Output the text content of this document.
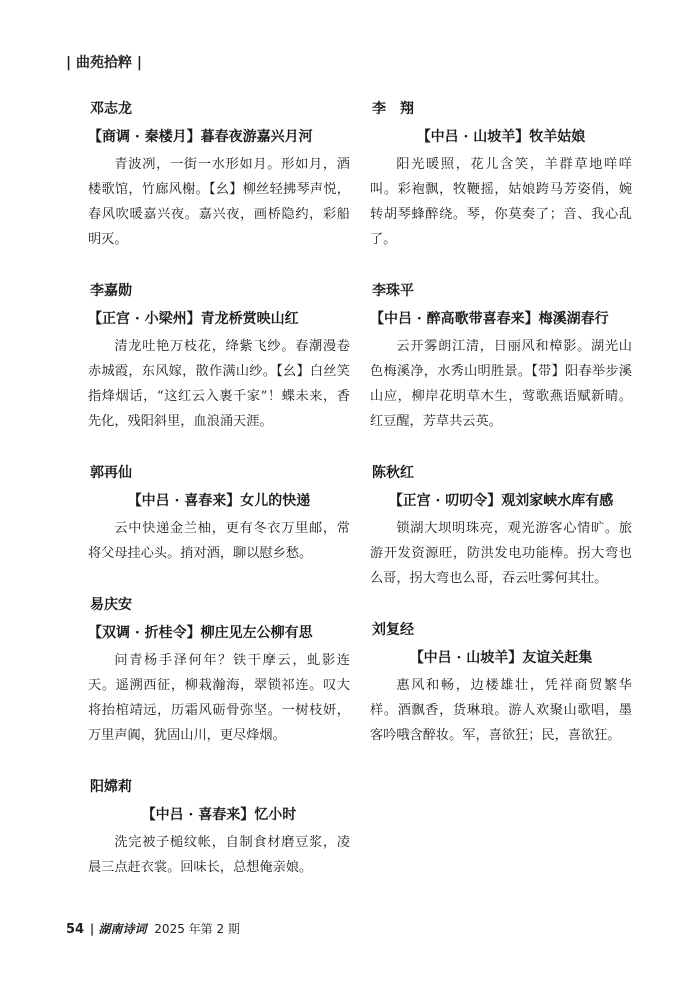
| 曲苑拾粹 |
邓志龙
【商调 · 秦楼月】暮春夜游嘉兴月河
青波冽，一街一水形如月。形如月，酒楼歌馆，竹廊风榭。【幺】柳丝轻拂琴声悦，春风吹暖嘉兴夜。嘉兴夜，画桥隐约，彩船明灭。
李嘉勋
【正宫 · 小梁州】青龙桥赏映山红
清龙吐艳万枝花，绛紫飞纱。春潮漫卷赤城霞，东风嫁，散作满山纱。【幺】白丝笑指烽烟话，“这红云入裹千家”！蝶未来，香先化，残阳斜里，血浪涌天涯。
郭再仙
【中吕 · 喜春来】女儿的快递
云中快递金兰柚，更有冬衣万里邮，常将父母挂心头。捎对酒，聊以慰乡愁。
易庆安
【双调 · 折桂令】柳庄见左公柳有思
问青杨手泽何年？铁干摩云，虬影连天。遥溯西征，柳栽瀚海，翠锁祁连。叹大将抬棺靖远，历霜风砺骨弥坚。一树枝妍，万里声阗，犹固山川，更尽烽烟。
阳嫦莉
【中吕 · 喜春来】忆小时
洗完被子槌纹帐，自制食材磨豆浆，凌晨三点赶衣裳。回味长，总想俺亲娘。
李　翔
【中吕 · 山坡羊】牧羊姑娘
阳光暖照，花儿含笑，羊群草地咩咩叫。彩袍飘，牧鞭摇，姑娘跨马芳姿俏，婉转胡琴蜂醉绕。琴，你莫奏了；音、我心乱了。
李珠平
【中吕 · 醉高歌带喜春来】梅溪湖春行
云开雾朗江清，日丽风和樟影。湖光山色梅溪净，水秀山明胜景。【带】阳春举步溪山应，柳岸花明草木生，莺歌燕语赋新晴。红豆醒，芳草共云英。
陈秋红
【正宫 · 叨叨令】观刘家峡水库有感
锁湖大坝明珠亮，观光游客心情旷。旅游开发资源旺，防洪发电功能棒。拐大弯也么哥，拐大弯也么哥，吞云吐雾何其壮。
刘复经
【中吕 · 山坡羊】友谊关赶集
惠风和畅，边楼雄壮，凭祥商贸繁华样。酒飘香，货琳琅。游人欢聚山歌唱，墨客吟哦含醉妆。军，喜欲狂；民，喜欲狂。
54 | 湖南诗词 2025 年第 2 期
